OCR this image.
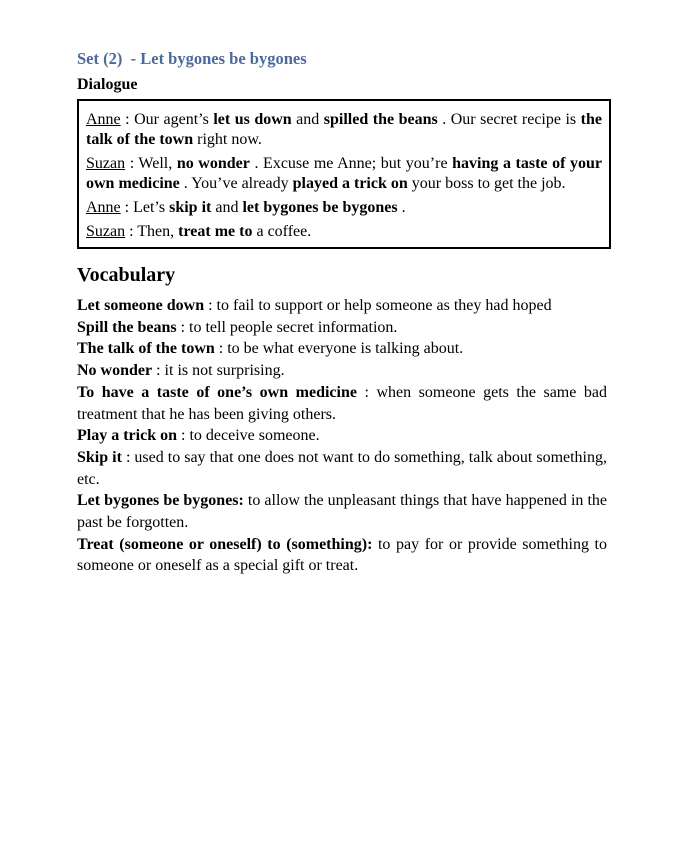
Set (2)  - Let bygones be bygones
Dialogue
Anne : Our agent’s let us down and spilled the beans . Our secret recipe is the talk of the town right now.
Suzan : Well, no wonder . Excuse me Anne; but you’re having a taste of your own medicine . You’ve already played a trick on your boss to get the job.
Anne : Let’s skip it and let bygones be bygones .
Suzan : Then, treat me to a coffee.
Vocabulary
Let someone down : to fail to support or help someone as they had hoped
Spill the beans : to tell people secret information.
The talk of the town : to be what everyone is talking about.
No wonder : it is not surprising.
To have a taste of one’s own medicine : when someone gets the same bad treatment that he has been giving others.
Play a trick on : to deceive someone.
Skip it : used to say that one does not want to do something, talk about something, etc.
Let bygones be bygones: to allow the unpleasant things that have happened in the past be forgotten.
Treat (someone or oneself) to (something): to pay for or provide something to someone or oneself as a special gift or treat.
